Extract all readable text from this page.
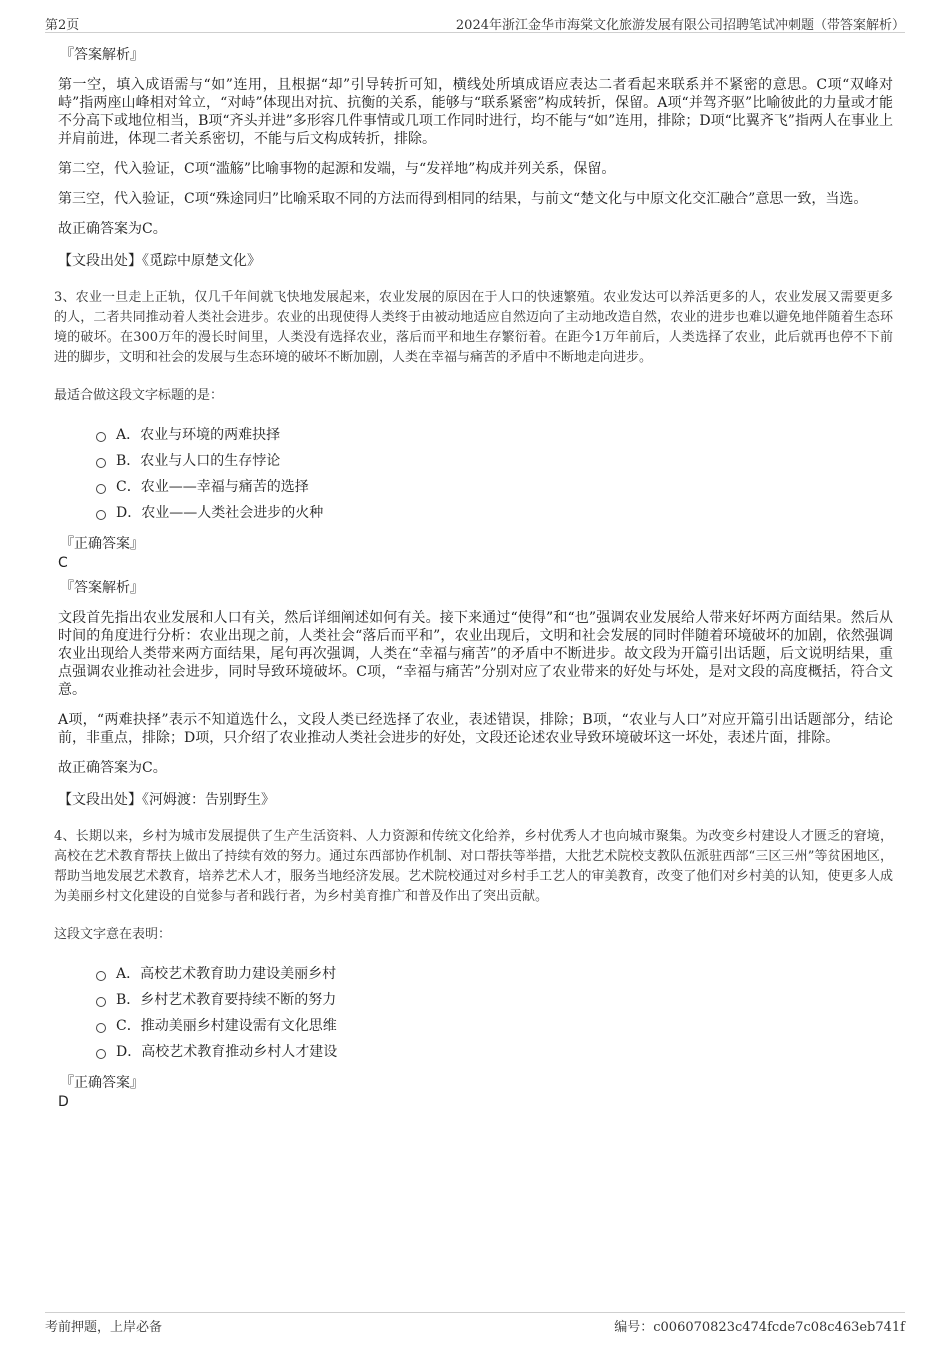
第2页	2024年浙江金华市海棠文化旅游发展有限公司招聘笔试冲刺题（带答案解析）
『答案解析』

第一空，填入成语需与“如”连用，且根据“却”引导转折可知，横线处所填成语应表达二者看起来联系并不紧密的意思。C项“双峰对峙”指两座山峰相对耸立，“对峙”体现出对抗、抗衡的关系，能够与“联系紧密”构成转折，保留。A项“并驾齐驱”比喻彼此的力量或才能不分高下或地位相当，B项“齐头并进”多形容几件事情或几项工作同时进行，均不能与“如”连用，排除；D项“比翼齐飞”指两人在事业上并肩前进，体现二者关系密切，不能与后文构成转折，排除。

第二空，代入验证，C项“滥觞”比喻事物的起源和发端，与“发祥地”构成并列关系，保留。

第三空，代入验证，C项“殊途同归”比喻采取不同的方法而得到相同的结果，与前文“楚文化与中原文化交汇融合”意思一致，当选。

故正确答案为C。

【文段出处】《觅踪中原楚文化》

3、农业一旦走上正轨，仅几千年间就飞快地发展起来，农业发展的原因在于人口的快速繁殖。农业发达可以养活更多的人，农业发展又需要更多的人，二者共同推动着人类社会进步。农业的出现使得人类终于由被动地适应自然迈向了主动地改造自然，农业的进步也难以避免地伴随着生态环境的破坏。在300万年的漫长时间里，人类没有选择农业，落后而平和地生存繁衍着。在距今1万年前后，人类选择了农业，此后就再也停不下前进的脚步，文明和社会的发展与生态环境的破坏不断加剧，人类在幸福与痛苦的矛盾中不断地走向进步。

最适合做这段文字标题的是：
A． 农业与环境的两难抉择
B． 农业与人口的生存悖论
C． 农业——幸福与痛苦的选择
D． 农业——人类社会进步的火种
『正确答案』
C
『答案解析』

文段首先指出农业发展和人口有关，然后详细阐述如何有关。接下来通过“使得”和“也”强调农业发展给人带来好坏两方面结果。然后从时间的角度进行分析：农业出现之前，人类社会“落后而平和”，农业出现后，文明和社会发展的同时伴随着环境破坏的加剧，依然强调农业出现给人类带来两方面结果，尾句再次强调，人类在“幸福与痛苦”的矛盾中不断进步。故文段为开篇引出话题，后文说明结果，重点强调农业推动社会进步，同时导致环境破坏。C项，“幸福与痛苦”分别对应了农业带来的好处与坏处，是对文段的高度概括，符合文意。

A项，“两难抉择”表示不知道选什么，文段人类已经选择了农业，表述错误，排除；B项，“农业与人口”对应开篇引出话题部分，结论前，非重点，排除；D项，只介绍了农业推动人类社会进步的好处，文段还论述农业导致环境破坏这一坏处，表述片面，排除。

故正确答案为C。

【文段出处】《河姆渡：告别野生》

4、长期以来，乡村为城市发展提供了生产生活资料、人力资源和传统文化给养，乡村优秀人才也向城市聚集。为改变乡村建设人才匮乏的窘境，高校在艺术教育帮扶上做出了持续有效的努力。通过东西部协作机制、对口帮扶等举措，大批艺术院校支教队伍派驻西部“三区三州”等贫困地区，帮助当地发展艺术教育，培养艺术人才，服务当地经济发展。艺术院校通过对乡村手工艺人的审美教育，改变了他们对乡村美的认知，使更多人成为美丽乡村文化建设的自觉参与者和践行者，为乡村美育推广和普及作出了突出贡献。

这段文字意在表明：
A． 高校艺术教育助力建设美丽乡村
B． 乡村艺术教育要持续不断的努力
C． 推动美丽乡村建设需有文化思维
D． 高校艺术教育推动乡村人才建设
『正确答案』
D
考前押题，上岸必备	编号：c006070823c474fcde7c08c463eb741f
